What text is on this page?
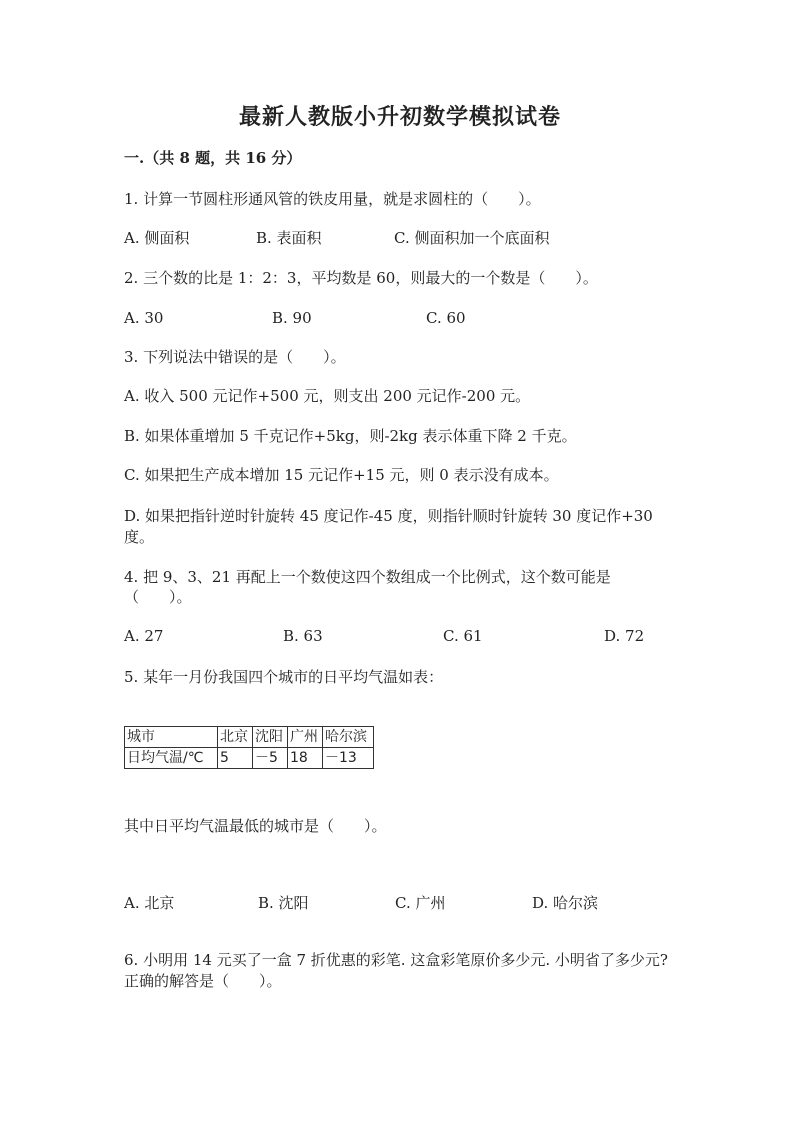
最新人教版小升初数学模拟试卷
一.（共 8 题，共 16 分）
1. 计算一节圆柱形通风管的铁皮用量，就是求圆柱的（　　）。
A. 侧面积	B. 表面积	C. 侧面积加一个底面积
2. 三个数的比是 1：2：3，平均数是 60，则最大的一个数是（　　）。
A. 30	B. 90	C. 60
3. 下列说法中错误的是（　　）。
A. 收入 500 元记作+500 元，则支出 200 元记作-200 元。
B. 如果体重增加 5 千克记作+5kg，则-2kg 表示体重下降 2 千克。
C. 如果把生产成本增加 15 元记作+15 元，则 0 表示没有成本。
D. 如果把指针逆时针旋转 45 度记作-45 度，则指针顺时针旋转 30 度记作+30
度。
4. 把 9、3、21 再配上一个数使这四个数组成一个比例式，这个数可能是
（　　）。
A. 27	B. 63	C. 61	D. 72
5. 某年一月份我国四个城市的日平均气温如表：
城市	北京	沈阳	广州	哈尔滨
日均气温/℃	5	－5	18	－13
其中日平均气温最低的城市是（　　）。
A. 北京	B. 沈阳	C. 广州	D. 哈尔滨
6. 小明用 14 元买了一盒 7 折优惠的彩笔. 这盒彩笔原价多少元. 小明省了多少元?
正确的解答是（　　）。
